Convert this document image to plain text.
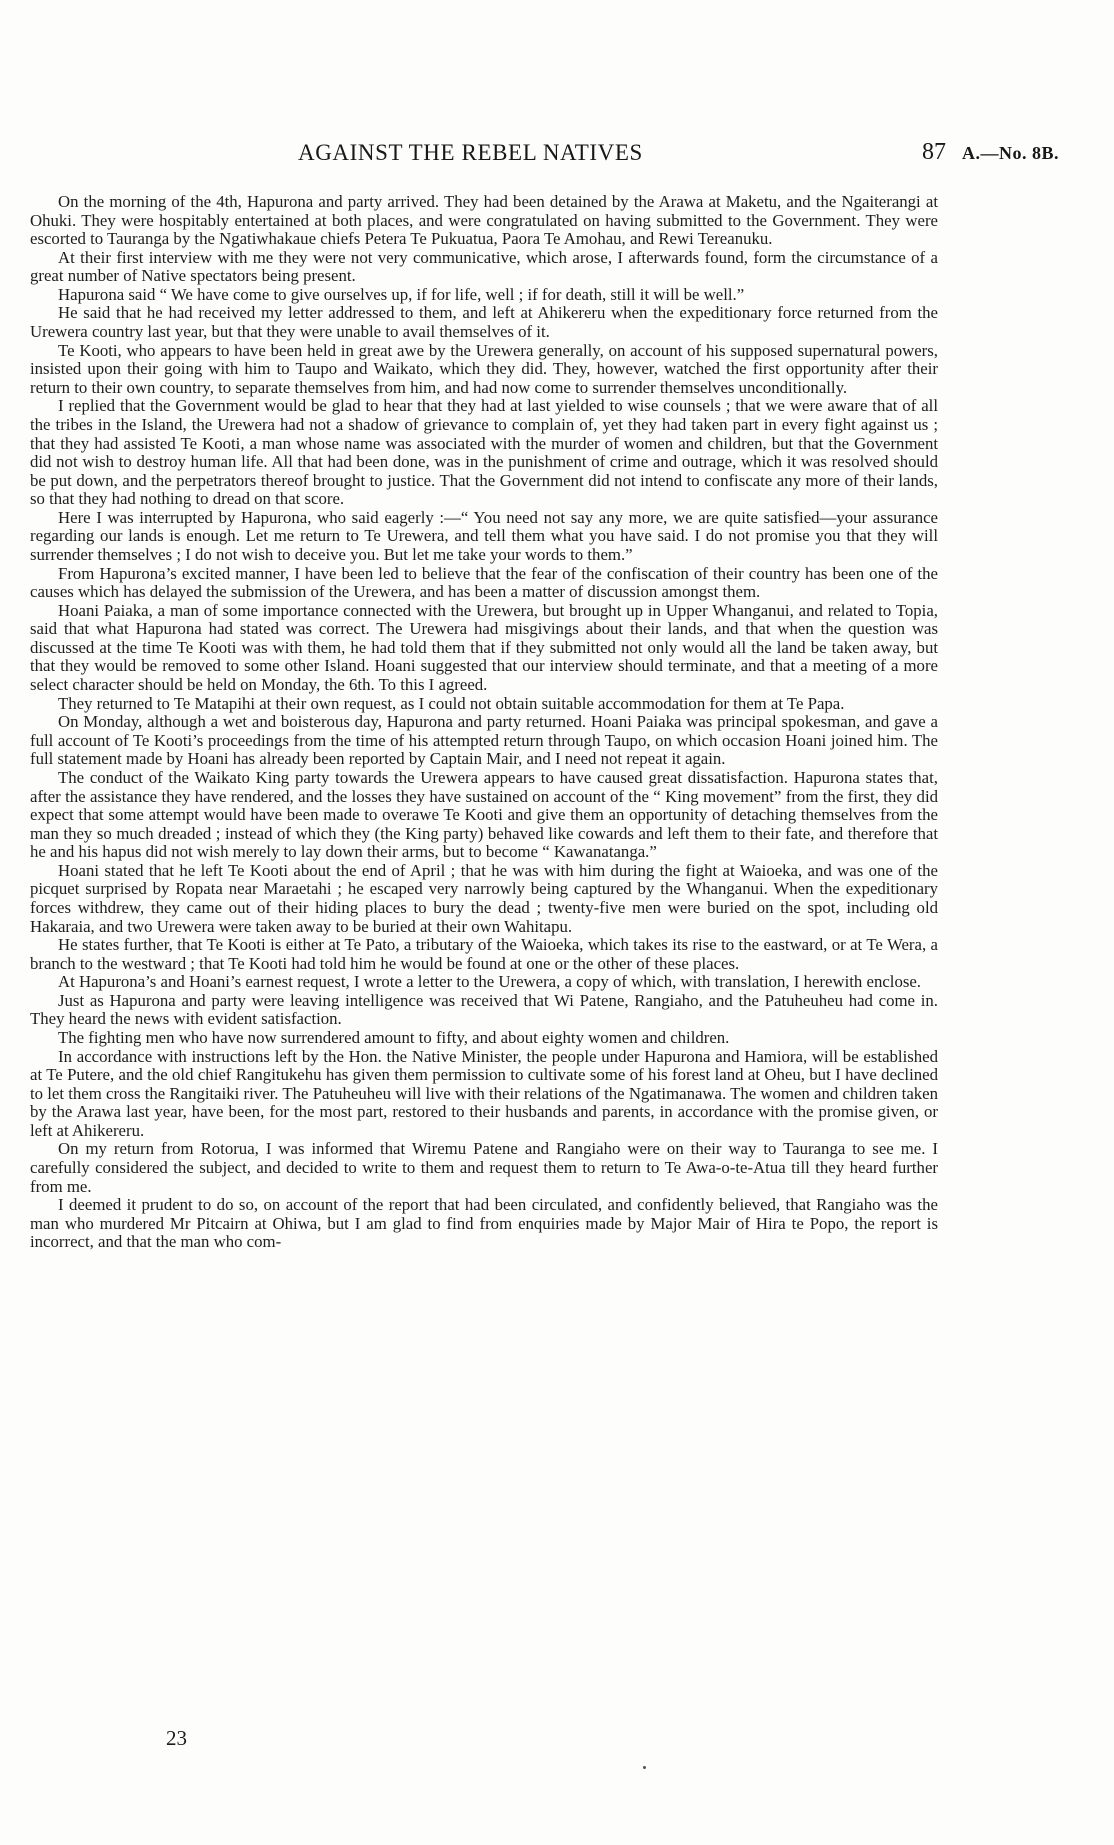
AGAINST THE REBEL NATIVES	87 A.—No. 8B.

On the morning of the 4th, Hapurona and party arrived. They had been detained by the Arawa at Maketu, and the Ngaiterangi at Ohuki. They were hospitably entertained at both places, and were congratulated on having submitted to the Government. They were escorted to Tauranga by the Ngatiwhakaue chiefs Petera Te Pukuatua, Paora Te Amohau, and Rewi Tereanuku.

At their first interview with me they were not very communicative, which arose, I afterwards found, form the circumstance of a great number of Native spectators being present.

Hapurona said “ We have come to give ourselves up, if for life, well ; if for death, still it will be well.”

He said that he had received my letter addressed to them, and left at Ahikereru when the expeditionary force returned from the Urewera country last year, but that they were unable to avail themselves of it.

Te Kooti, who appears to have been held in great awe by the Urewera generally, on account of his supposed supernatural powers, insisted upon their going with him to Taupo and Waikato, which they did. They, however, watched the first opportunity after their return to their own country, to separate themselves from him, and had now come to surrender themselves unconditionally.

I replied that the Government would be glad to hear that they had at last yielded to wise counsels ; that we were aware that of all the tribes in the Island, the Urewera had not a shadow of grievance to complain of, yet they had taken part in every fight against us ; that they had assisted Te Kooti, a man whose name was associated with the murder of women and children, but that the Government did not wish to destroy human life. All that had been done, was in the punishment of crime and outrage, which it was resolved should be put down, and the perpetrators thereof brought to justice. That the Government did not intend to confiscate any more of their lands, so that they had nothing to dread on that score.

Here I was interrupted by Hapurona, who said eagerly :—“ You need not say any more, we are quite satisfied—your assurance regarding our lands is enough. Let me return to Te Urewera, and tell them what you have said. I do not promise you that they will surrender themselves ; I do not wish to deceive you. But let me take your words to them.”

From Hapurona’s excited manner, I have been led to believe that the fear of the confiscation of their country has been one of the causes which has delayed the submission of the Urewera, and has been a matter of discussion amongst them.

Hoani Paiaka, a man of some importance connected with the Urewera, but brought up in Upper Whanganui, and related to Topia, said that what Hapurona had stated was correct. The Urewera had misgivings about their lands, and that when the question was discussed at the time Te Kooti was with them, he had told them that if they submitted not only would all the land be taken away, but that they would be removed to some other Island. Hoani suggested that our interview should terminate, and that a meeting of a more select character should be held on Monday, the 6th. To this I agreed.

They returned to Te Matapihi at their own request, as I could not obtain suitable accommodation for them at Te Papa.

On Monday, although a wet and boisterous day, Hapurona and party returned. Hoani Paiaka was principal spokesman, and gave a full account of Te Kooti’s proceedings from the time of his attempted return through Taupo, on which occasion Hoani joined him. The full statement made by Hoani has already been reported by Captain Mair, and I need not repeat it again.

The conduct of the Waikato King party towards the Urewera appears to have caused great dissatisfaction. Hapurona states that, after the assistance they have rendered, and the losses they have sustained on account of the “ King movement” from the first, they did expect that some attempt would have been made to overawe Te Kooti and give them an opportunity of detaching themselves from the man they so much dreaded ; instead of which they (the King party) behaved like cowards and left them to their fate, and therefore that he and his hapus did not wish merely to lay down their arms, but to become “ Kawanatanga.”

Hoani stated that he left Te Kooti about the end of April ; that he was with him during the fight at Waioeka, and was one of the picquet surprised by Ropata near Maraetahi ; he escaped very narrowly being captured by the Whanganui. When the expeditionary forces withdrew, they came out of their hiding places to bury the dead ; twenty-five men were buried on the spot, including old Hakaraia, and two Urewera were taken away to be buried at their own Wahitapu.

He states further, that Te Kooti is either at Te Pato, a tributary of the Waioeka, which takes its rise to the eastward, or at Te Wera, a branch to the westward ; that Te Kooti had told him he would be found at one or the other of these places.

At Hapurona’s and Hoani’s earnest request, I wrote a letter to the Urewera, a copy of which, with translation, I herewith enclose.

Just as Hapurona and party were leaving intelligence was received that Wi Patene, Rangiaho, and the Patuheuheu had come in. They heard the news with evident satisfaction.

The fighting men who have now surrendered amount to fifty, and about eighty women and children.

In accordance with instructions left by the Hon. the Native Minister, the people under Hapurona and Hamiora, will be established at Te Putere, and the old chief Rangitukehu has given them permission to cultivate some of his forest land at Oheu, but I have declined to let them cross the Rangitaiki river. The Patuheuheu will live with their relations of the Ngatimanawa. The women and children taken by the Arawa last year, have been, for the most part, restored to their husbands and parents, in accordance with the promise given, or left at Ahikereru.

On my return from Rotorua, I was informed that Wiremu Patene and Rangiaho were on their way to Tauranga to see me. I carefully considered the subject, and decided to write to them and request them to return to Te Awa-o-te-Atua till they heard further from me.

I deemed it prudent to do so, on account of the report that had been circulated, and confidently believed, that Rangiaho was the man who murdered Mr Pitcairn at Ohiwa, but I am glad to find from enquiries made by Major Mair of Hira te Popo, the report is incorrect, and that the man who com-

23
